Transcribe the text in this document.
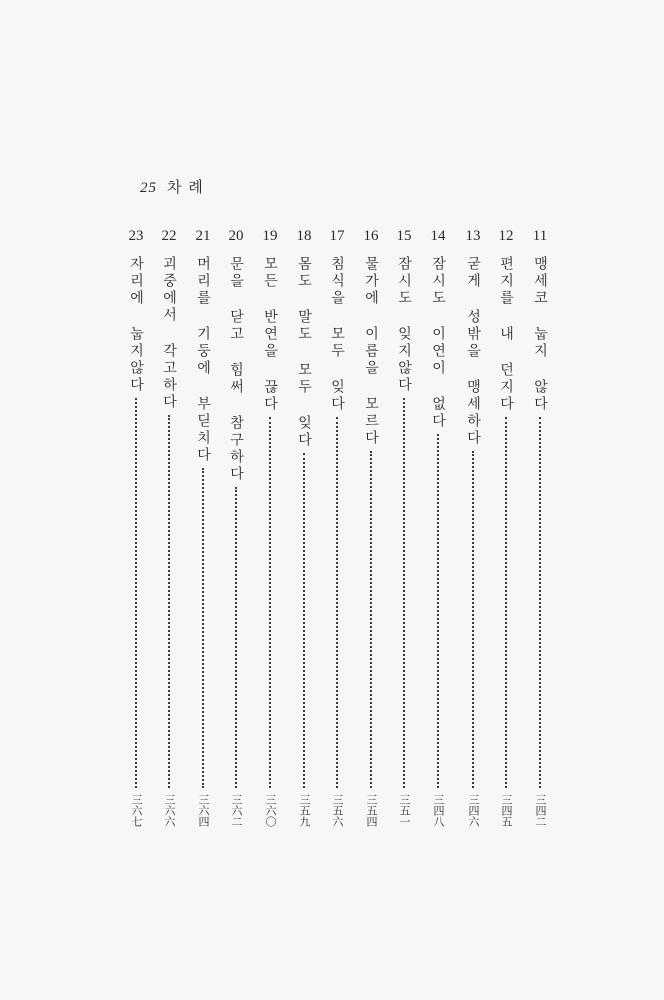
25 차 례
11
맹세코 눕지 않다
三四二
12
편지를 내 던지다
三四五
13
굳게 성밖을 맹세하다
三四六
14
잠시도 이연이 없다
三四八
15
잠시도 잊지않다
三五一
16
물가에 이름을 모르다
三五四
17
침식을 모두 잊다
三五六
18
몸도 말도 모두 잊다
三五九
19
모든 반연을 끊다
三六〇
20
문을 닫고 힘써 참구하다
三六二
21
머리를 기둥에 부딛치다
三六四
22
괴중에서 각고하다
三六六
23
자리에 눕지않다
三六七
